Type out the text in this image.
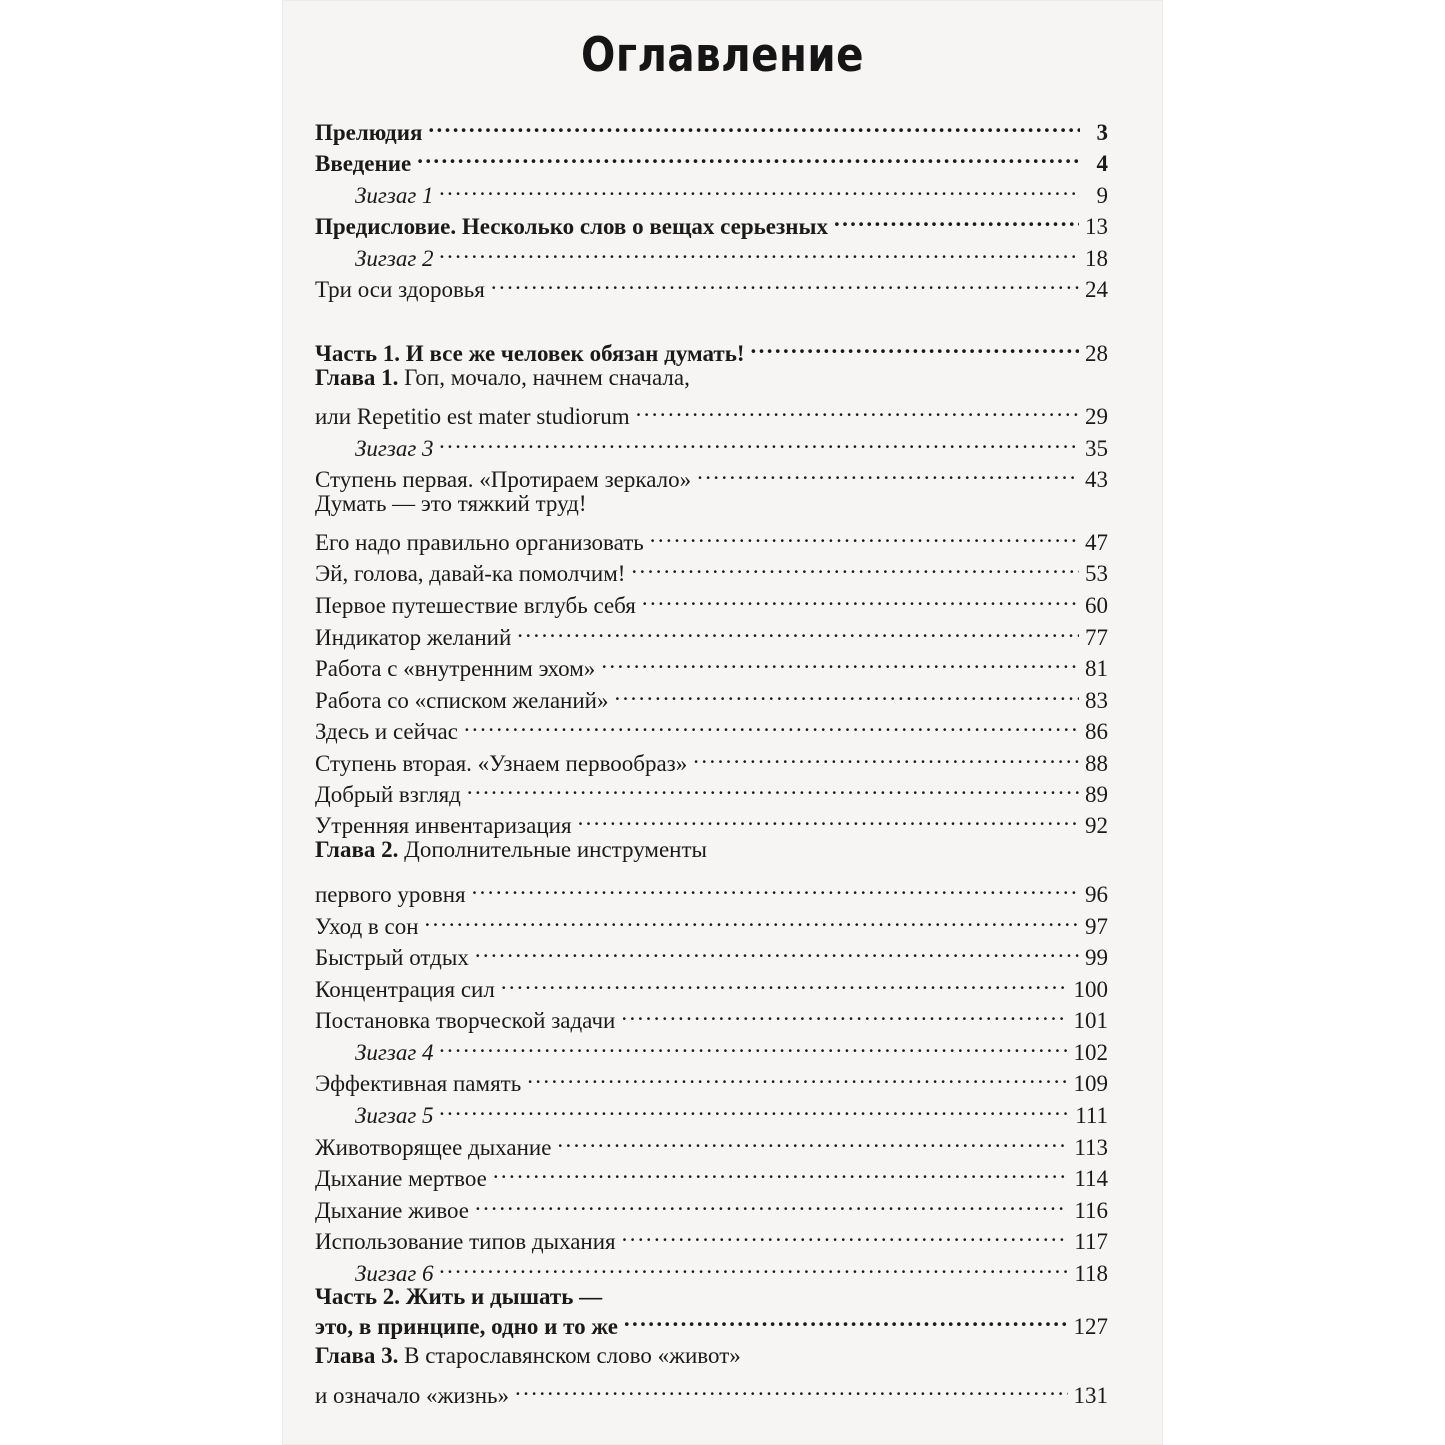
Оглавление
Прелюдия . . .	3
Введение . . .	4
Зигзаг 1 . . .	9
Предисловие. Несколько слов о вещах серьезных . . .	13
Зигзаг 2 . . .	18
Три оси здоровья . . .	24
Часть 1. И все же человек обязан думать! . . .	28
Глава 1. Гоп, мочало, начнем сначала,
или Repetitio est mater studiorum . . .	29
Зигзаг 3 . . .	35
Ступень первая. «Протираем зеркало» . . .	43
Думать — это тяжкий труд!
Его надо правильно организовать . . .	47
Эй, голова, давай-ка помолчим! . . .	53
Первое путешествие вглубь себя . . .	60
Индикатор желаний . . .	77
Работа с «внутренним эхом» . . .	81
Работа со «списком желаний» . . .	83
Здесь и сейчас . . .	86
Ступень вторая. «Узнаем первообраз» . . .	88
Добрый взгляд . . .	89
Утренняя инвентаризация . . .	92
Глава 2. Дополнительные инструменты
первого уровня . . .	96
Уход в сон . . .	97
Быстрый отдых . . .	99
Концентрация сил . . .	100
Постановка творческой задачи . . .	101
Зигзаг 4 . . .	102
Эффективная память . . .	109
Зигзаг 5 . . .	111
Животворящее дыхание . . .	113
Дыхание мертвое . . .	114
Дыхание живое . . .	116
Использование типов дыхания . . .	117
Зигзаг 6 . . .	118
Часть 2. Жить и дышать —
это, в принципе, одно и то же . . .	127
Глава 3. В старославянском слово «живот»
и означало «жизнь» . . .	131
